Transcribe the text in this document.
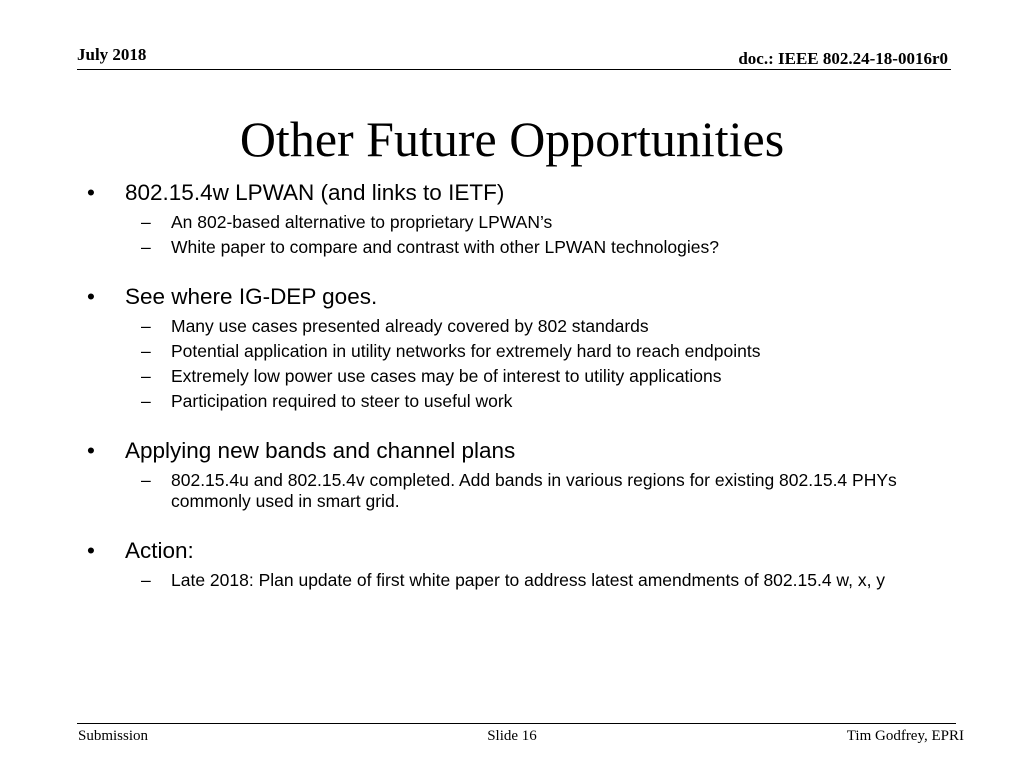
July 2018	doc.: IEEE 802.24-18-0016r0
Other Future Opportunities
• 802.15.4w LPWAN (and links to IETF)
– An 802-based alternative to proprietary LPWAN’s
– White paper to compare and contrast with other LPWAN technologies?
• See where IG-DEP goes.
– Many use cases presented already covered by 802 standards
– Potential application in utility networks for extremely hard to reach endpoints
– Extremely low power use cases may be of interest to utility applications
– Participation required to steer to useful work
• Applying new bands and channel plans
– 802.15.4u and 802.15.4v completed. Add bands in various regions for existing 802.15.4 PHYs commonly used in smart grid.
• Action:
– Late 2018: Plan update of first white paper to address latest amendments of 802.15.4 w, x, y
Submission	Slide 16	Tim Godfrey, EPRI
